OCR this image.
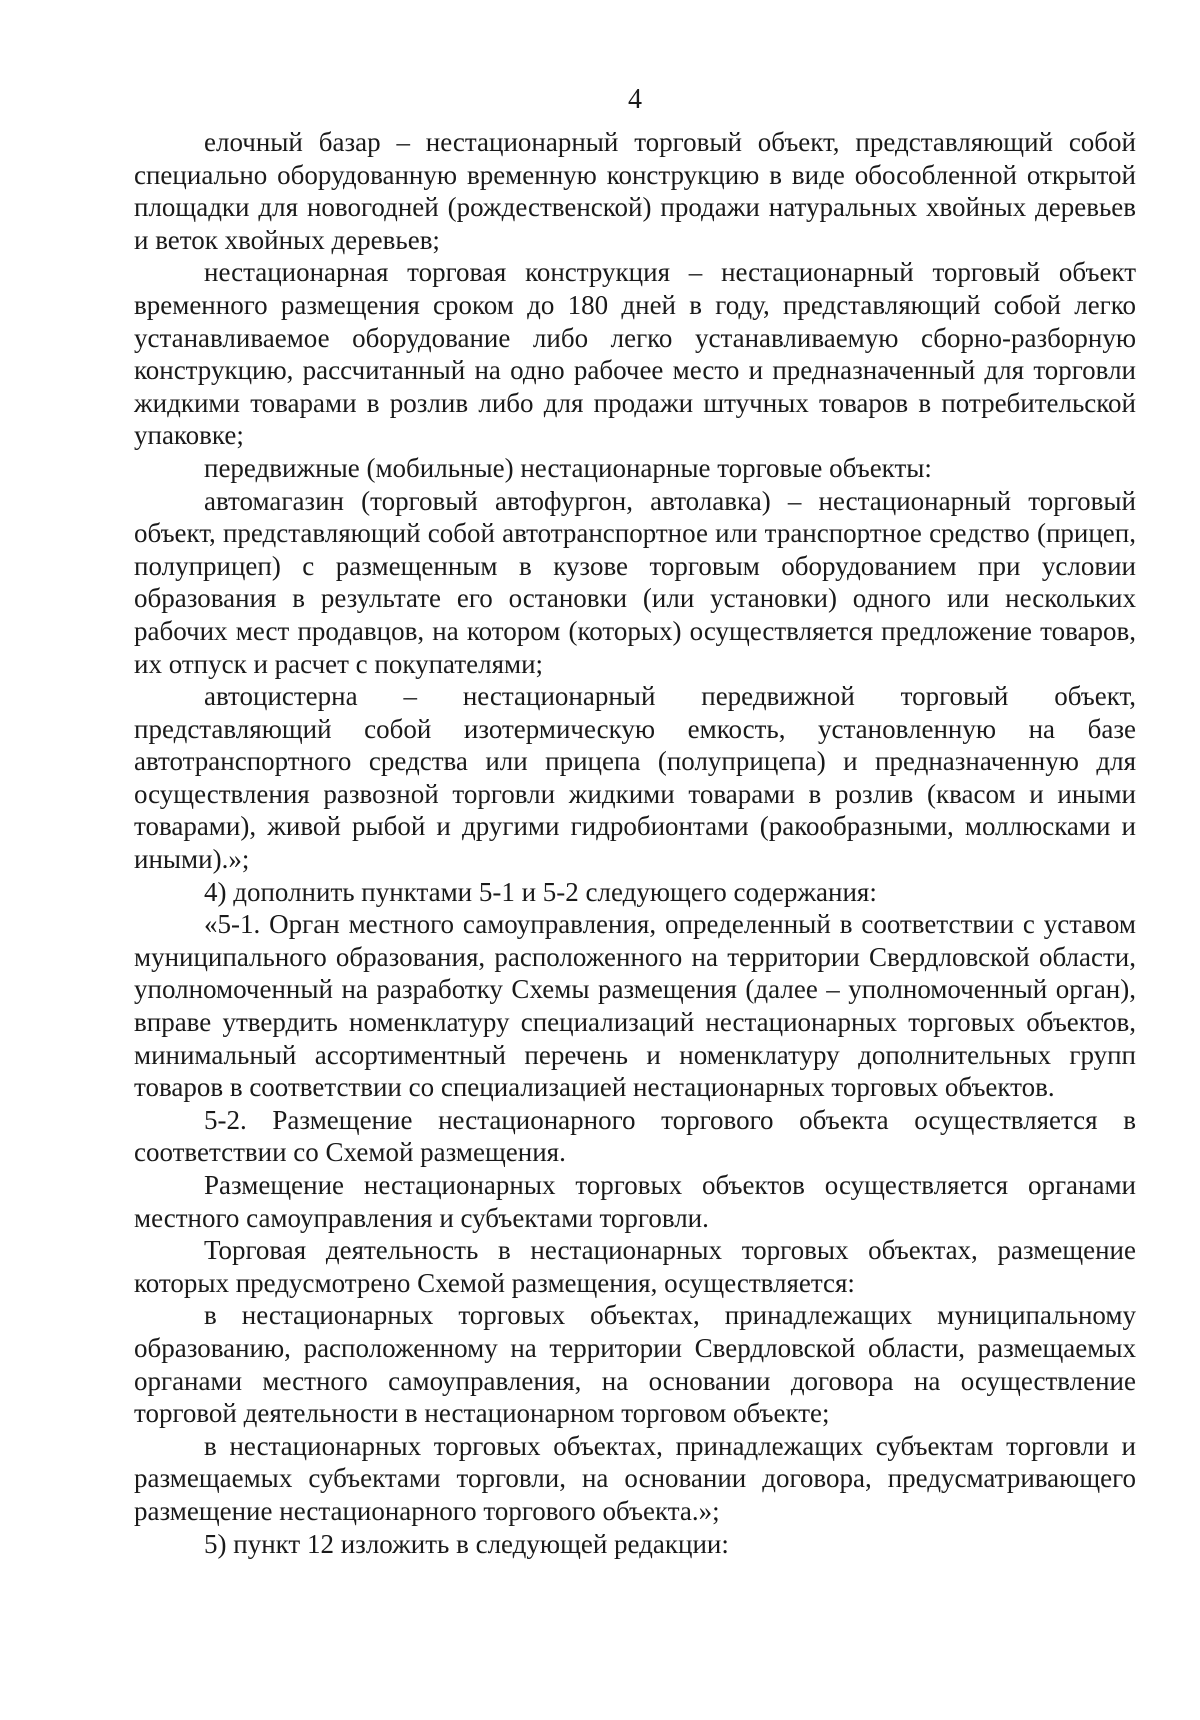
4

елочный базар – нестационарный торговый объект, представляющий собой специально оборудованную временную конструкцию в виде обособленной открытой площадки для новогодней (рождественской) продажи натуральных хвойных деревьев и веток хвойных деревьев;

нестационарная торговая конструкция – нестационарный торговый объект временного размещения сроком до 180 дней в году, представляющий собой легко устанавливаемое оборудование либо легко устанавливаемую сборно-разборную конструкцию, рассчитанный на одно рабочее место и предназначенный для торговли жидкими товарами в розлив либо для продажи штучных товаров в потребительской упаковке;

передвижные (мобильные) нестационарные торговые объекты:

автомагазин (торговый автофургон, автолавка) – нестационарный торговый объект, представляющий собой автотранспортное или транспортное средство (прицеп, полуприцеп) с размещенным в кузове торговым оборудованием при условии образования в результате его остановки (или установки) одного или нескольких рабочих мест продавцов, на котором (которых) осуществляется предложение товаров, их отпуск и расчет с покупателями;

автоцистерна – нестационарный передвижной торговый объект, представляющий собой изотермическую емкость, установленную на базе автотранспортного средства или прицепа (полуприцепа) и предназначенную для осуществления развозной торговли жидкими товарами в розлив (квасом и иными товарами), живой рыбой и другими гидробионтами (ракообразными, моллюсками и иными).»;

4) дополнить пунктами 5-1 и 5-2 следующего содержания:

«5-1. Орган местного самоуправления, определенный в соответствии с уставом муниципального образования, расположенного на территории Свердловской области, уполномоченный на разработку Схемы размещения (далее – уполномоченный орган), вправе утвердить номенклатуру специализаций нестационарных торговых объектов, минимальный ассортиментный перечень и номенклатуру дополнительных групп товаров в соответствии со специализацией нестационарных торговых объектов.

5-2. Размещение нестационарного торгового объекта осуществляется в соответствии со Схемой размещения.

Размещение нестационарных торговых объектов осуществляется органами местного самоуправления и субъектами торговли.

Торговая деятельность в нестационарных торговых объектах, размещение которых предусмотрено Схемой размещения, осуществляется:

в нестационарных торговых объектах, принадлежащих муниципальному образованию, расположенному на территории Свердловской области, размещаемых органами местного самоуправления, на основании договора на осуществление торговой деятельности в нестационарном торговом объекте;

в нестационарных торговых объектах, принадлежащих субъектам торговли и размещаемых субъектами торговли, на основании договора, предусматривающего размещение нестационарного торгового объекта.»;

5) пункт 12 изложить в следующей редакции:
